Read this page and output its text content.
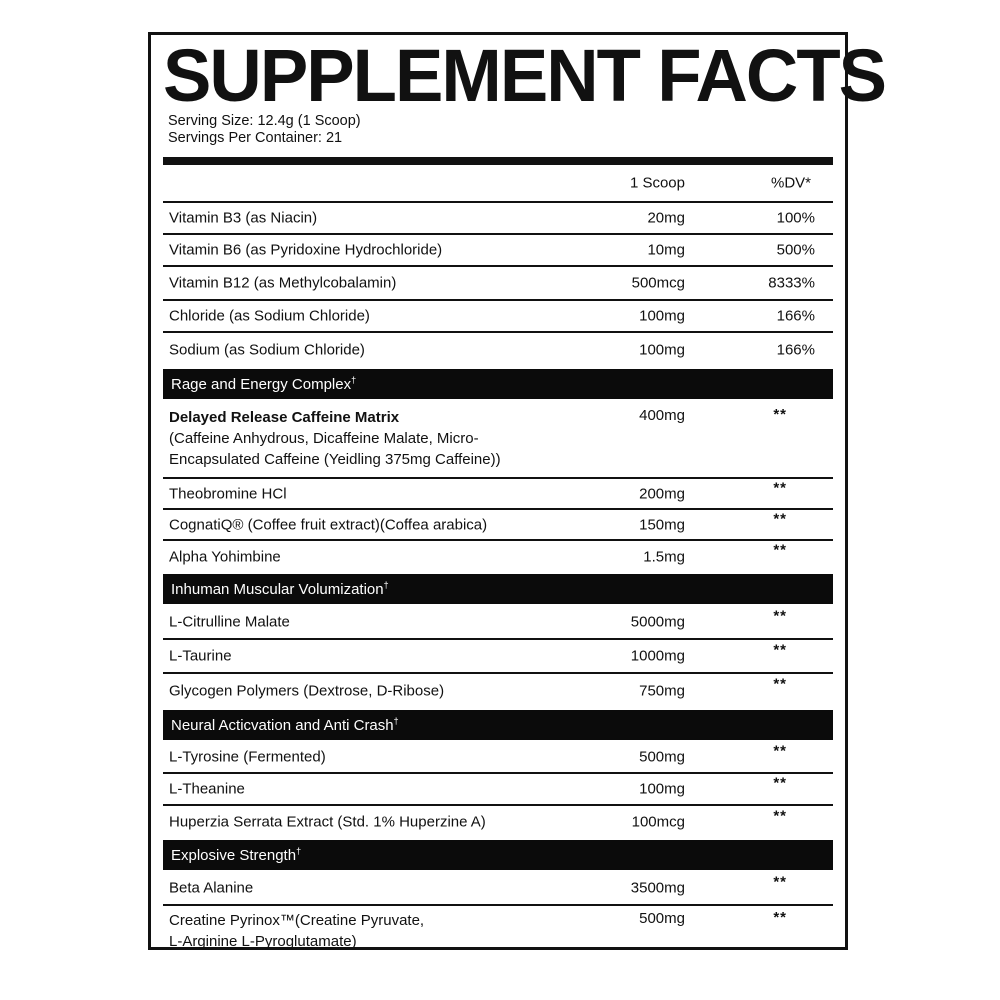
SUPPLEMENT FACTS
Serving Size: 12.4g (1 Scoop)
Servings Per Container: 21
1 Scoop	%DV*
Vitamin B3 (as Niacin)	20mg	100%
Vitamin B6 (as Pyridoxine Hydrochloride)	10mg	500%
Vitamin B12 (as Methylcobalamin)	500mcg	8333%
Chloride (as Sodium Chloride)	100mg	166%
Sodium (as Sodium Chloride)	100mg	166%
Rage and Energy Complex†
Delayed Release Caffeine Matrix
(Caffeine Anhydrous, Dicaffeine Malate, Micro-
Encapsulated Caffeine (Yeidling 375mg Caffeine))
400mg	**
Theobromine HCl	200mg	**
CognatiQ® (Coffee fruit extract)(Coffea arabica)	150mg	**
Alpha Yohimbine	1.5mg	**
Inhuman Muscular Volumization†
L-Citrulline Malate	5000mg	**
L-Taurine	1000mg	**
Glycogen Polymers (Dextrose, D-Ribose)	750mg	**
Neural Acticvation and Anti Crash†
L-Tyrosine (Fermented)	500mg	**
L-Theanine	100mg	**
Huperzia Serrata Extract (Std. 1% Huperzine A)	100mcg	**
Explosive Strength†
Beta Alanine	3500mg	**
Creatine Pyrinox™(Creatine Pyruvate,
L-Arginine L-Pyroglutamate)
500mg	**
